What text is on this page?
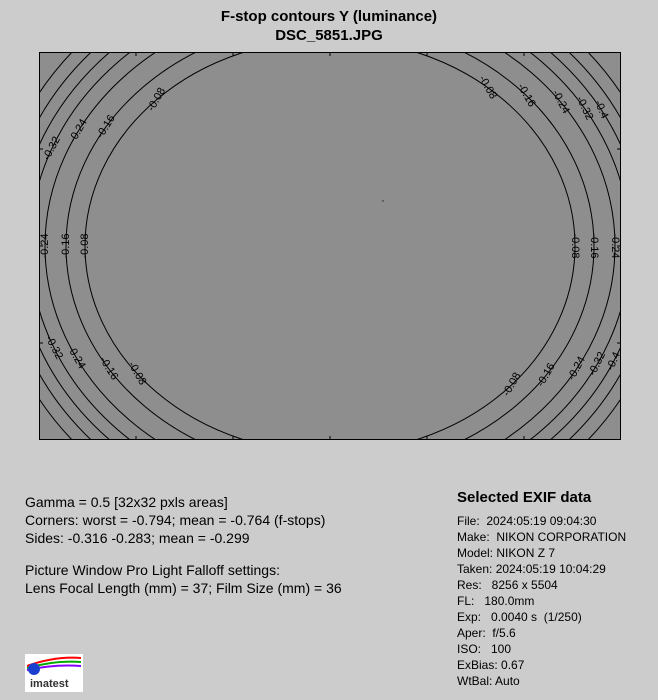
F-stop contours Y (luminance)
DSC_5851.JPG
-0.08
-0.16
-0.24
-0.32
-0.08 -0.16 -0.24 -0.32
-0.4
-0.08
-0.16
-0.24	-0.08 -0.16 -0.24
-0.08
-0.16
-0.24
-0.32
-0.08 -0.16 -0.24
-0.32
-0.4
·
Gamma = 0.5 [32x32 pxls areas]
Corners: worst = -0.794; mean = -0.764 (f-stops)
Sides: -0.316 -0.283; mean = -0.299
Picture Window Pro Light Falloff settings:
Lens Focal Length (mm) = 37; Film Size (mm) = 36
Selected EXIF data
File:  2024:05:19 09:04:30
Make:  NIKON CORPORATION
Model: NIKON Z 7
Taken: 2024:05:19 10:04:29
Res:   8256 x 5504
FL:   180.0mm
Exp:   0.0040 s  (1/250)
Aper:  f/5.6
ISO:   100
ExBias: 0.67
WtBal: Auto
imatest
